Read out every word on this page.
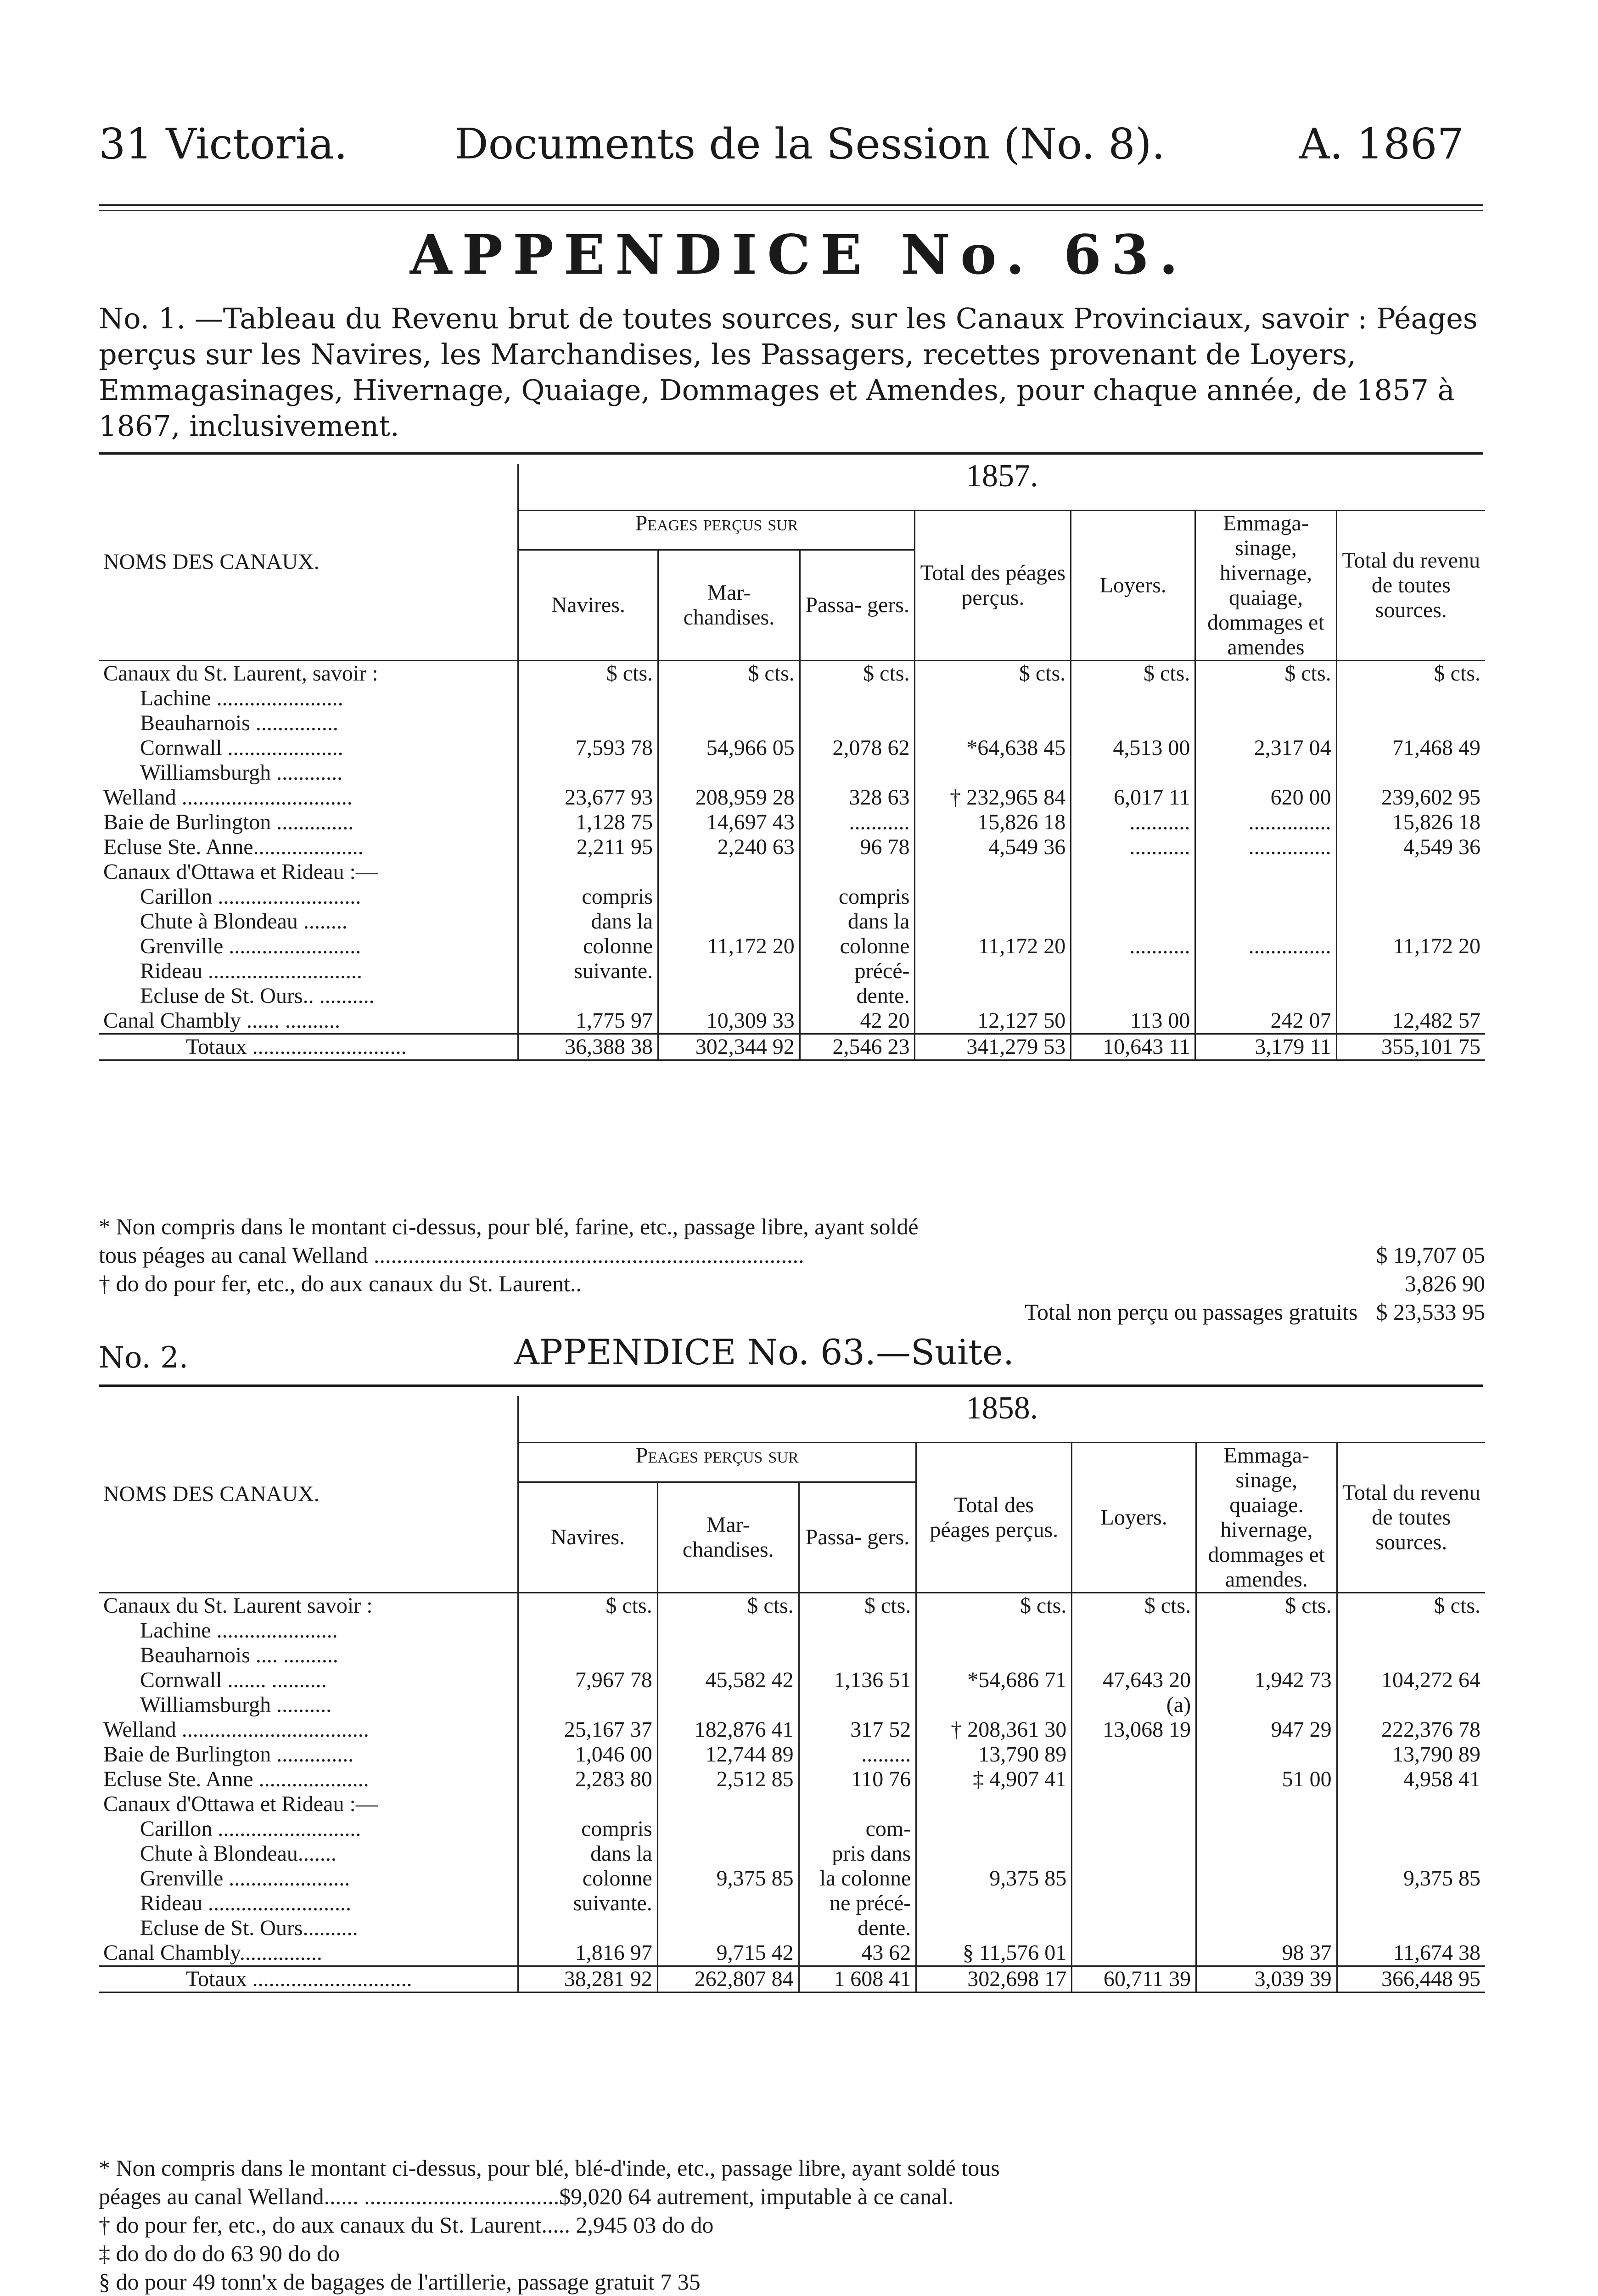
31 Victoria.	Documents de la Session (No. 8).	A. 1867
APPENDICE No. 63.
No. 1. —Tableau du Revenu brut de toutes sources, sur les Canaux Provinciaux, savoir : Péages perçus sur les Navires, les Marchandises, les Passagers, recettes provenant de Loyers, Emmagasinages, Hivernage, Quaiage, Dommages et Amendes, pour chaque année, de 1857 à 1867, inclusivement.
NOMS DES CANAUX.	1857.						
	Peages perçus sur			Total des péages perçus.	Loyers.	Emmaga- sinage, hivernage, quaiage, dommages et amendes	Total du revenu de toutes sources.
	Navires.	Mar- chandises.	Passa- gers.				
Canaux du St. Laurent, savoir :	$ cts.	$ cts.	$ cts.	$ cts.	$ cts.	$ cts.	$ cts.
Lachine .......................							
Beauharnois ...............							
Cornwall .....................	7,593 78	54,966 05	2,078 62	*64,638 45	4,513 00	2,317 04	71,468 49
Williamsburgh ............							
Welland ...............................	23,677 93	208,959 28	328 63	† 232,965 84	6,017 11	620 00	239,602 95
Baie de Burlington ..............	1,128 75	14,697 43	...........	15,826 18	...........	...............	15,826 18
Ecluse Ste. Anne....................	2,211 95	2,240 63	96 78	4,549 36	...........	...............	4,549 36
Canaux d'Ottawa et Rideau :—							
Carillon ..........................	compris		compris				
Chute à Blondeau ........	dans la		dans la				
Grenville ........................	colonne	11,172 20	colonne	11,172 20	...........	...............	11,172 20
Rideau ............................	suivante.		précé-				
Ecluse de St. Ours.. ..........			dente.				
Canal Chambly ...... ..........	1,775 97	10,309 33	42 20	12,127 50	113 00	242 07	12,482 57
Totaux ............................	36,388 38	302,344 92	2,546 23	341,279 53	10,643 11	3,179 11	355,101 75
* Non compris dans le montant ci-dessus, pour blé, farine, etc., passage libre, ayant soldé
tous péages au canal Welland ...........................................................................	$ 19,707 05
† do do pour fer, etc., do aux canaux du St. Laurent..	3,826 90
Total non perçu ou passages gratuits $ 23,533 95
No. 2.	APPENDICE No. 63.—Suite.
NOMS DES CANAUX.	1858.						
	Peages perçus sur			Total des péages perçus.	Loyers.	Emmaga- sinage, quaiage. hivernage, dommages et amendes.	Total du revenu de toutes sources.
	Navires.	Mar- chandises.	Passa- gers.				
Canaux du St. Laurent savoir :	$ cts.	$ cts.	$ cts.	$ cts.	$ cts.	$ cts.	$ cts.
Lachine ......................							
Beauharnois .... ..........							
Cornwall ....... ..........	7,967 78	45,582 42	1,136 51	*54,686 71	47,643 20	1,942 73	104,272 64
Williamsburgh ..........					(a)		
Welland ..................................	25,167 37	182,876 41	317 52	† 208,361 30	13,068 19	947 29	222,376 78
Baie de Burlington ..............	1,046 00	12,744 89	.........	13,790 89			13,790 89
Ecluse Ste. Anne ....................	2,283 80	2,512 85	110 76	‡ 4,907 41		51 00	4,958 41
Canaux d'Ottawa et Rideau :—							
Carillon ..........................	compris		com-				
Chute à Blondeau.......	dans la		pris dans				
Grenville ......................	colonne	9,375 85	la colonne	9,375 85			9,375 85
Rideau ..........................	suivante.		ne précé-				
Ecluse de St. Ours..........			dente.				
Canal Chambly...............	1,816 97	9,715 42	43 62	§ 11,576 01		98 37	11,674 38
Totaux .............................	38,281 92	262,807 84	1 608 41	302,698 17	60,711 39	3,039 39	366,448 95
* Non compris dans le montant ci-dessus, pour blé, blé-d'inde, etc., passage libre, ayant soldé tous
péages au canal Welland...... ..................................$9,020 64 autrement, imputable à ce canal.
† do pour fer, etc., do aux canaux du St. Laurent..... 2,945 03 do do
‡ do do do do 63 90 do do
§ do pour 49 tonn'x de bagages de l'artillerie, passage gratuit 7 35
